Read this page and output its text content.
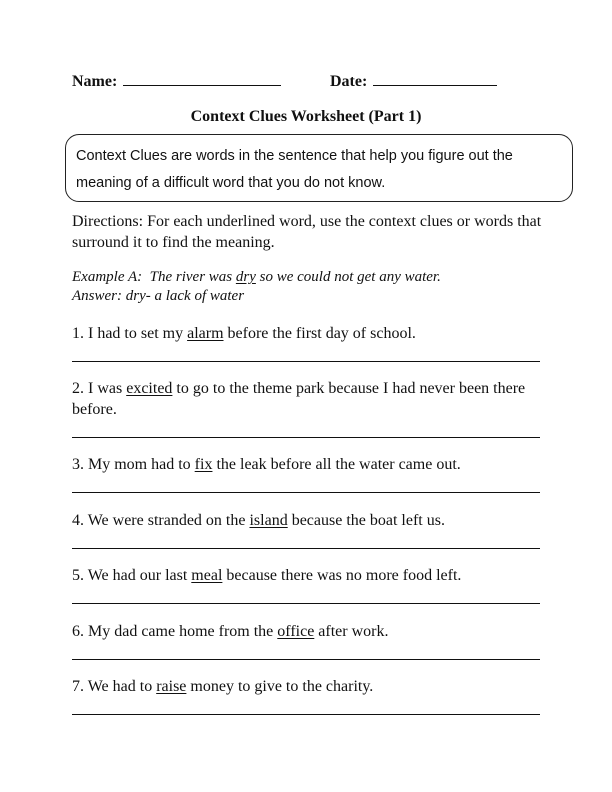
Name:	Date:
Context Clues Worksheet (Part 1)
Context Clues are words in the sentence that help you figure out the meaning of a difficult word that you do not know.
Directions: For each underlined word, use the context clues or words that surround it to find the meaning.
Example A: The river was dry so we could not get any water.
Answer: dry- a lack of water
1. I had to set my alarm before the first day of school.
2. I was excited to go to the theme park because I had never been there before.
3. My mom had to fix the leak before all the water came out.
4. We were stranded on the island because the boat left us.
5. We had our last meal because there was no more food left.
6. My dad came home from the office after work.
7. We had to raise money to give to the charity.
